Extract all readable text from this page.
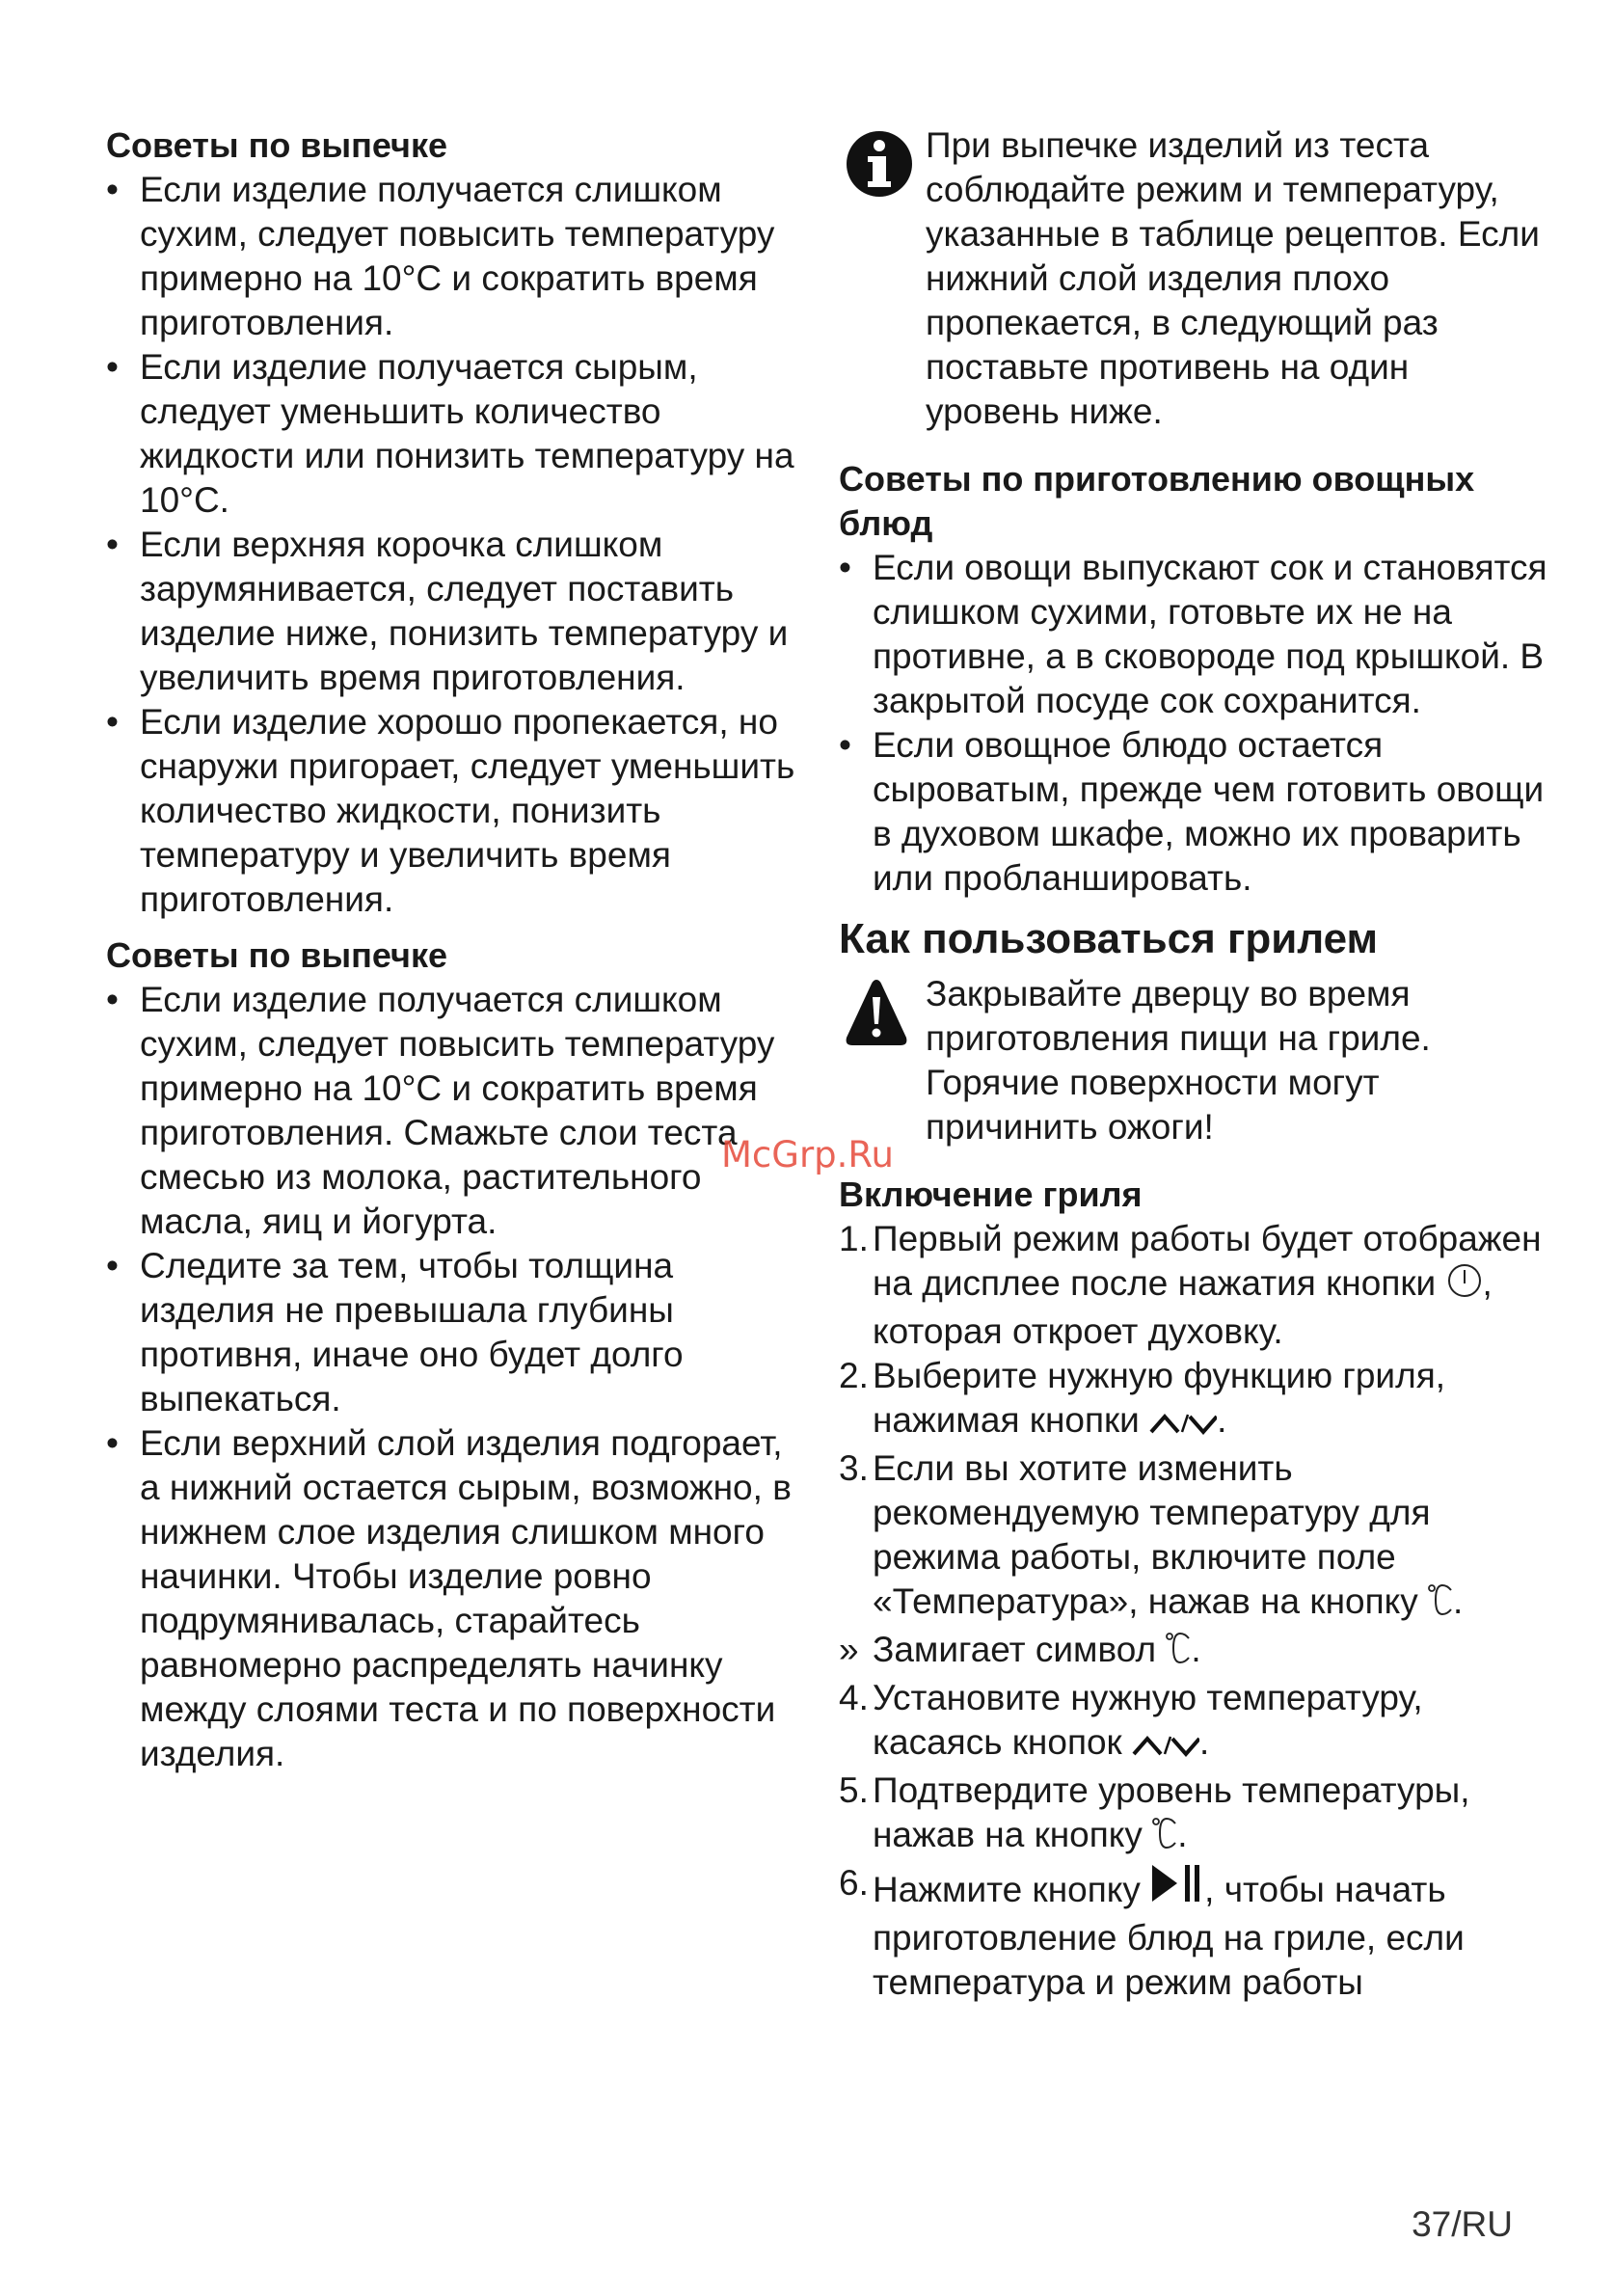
Советы по выпечке
• Если изделие получается слишком сухим, следует повысить температуру примерно на 10°C и сократить время приготовления.
• Если изделие получается сырым, следует уменьшить количество жидкости или понизить температуру на 10°C.
• Если верхняя корочка слишком зарумянивается, следует поставить изделие ниже, понизить температуру и увеличить время приготовления.
• Если изделие хорошо пропекается, но снаружи пригорает, следует уменьшить количество жидкости, понизить температуру и увеличить время приготовления.
Советы по выпечке
• Если изделие получается слишком сухим, следует повысить температуру примерно на 10°C и сократить время приготовления. Смажьте слои теста смесью из молока, растительного масла, яиц и йогурта.
• Следите за тем, чтобы толщина изделия не превышала глубины противня, иначе оно будет долго выпекаться.
• Если верхний слой изделия подгорает, а нижний остается сырым, возможно, в нижнем слое изделия слишком много начинки. Чтобы изделие ровно подрумянивалась, старайтесь равномерно распределять начинку между слоями теста и по поверхности изделия.
При выпечке изделий из теста соблюдайте режим и температуру, указанные в таблице рецептов. Если нижний слой изделия плохо пропекается, в следующий раз поставьте противень на один уровень ниже.
Советы по приготовлению овощных блюд
• Если овощи выпускают сок и становятся слишком сухими, готовьте их не на противне, а в сковороде под крышкой. В закрытой посуде сок сохранится.
• Если овощное блюдо остается сыроватым, прежде чем готовить овощи в духовом шкафе, можно их проварить или пробланшировать.
Как пользоваться грилем
Закрывайте дверцу во время приготовления пищи на гриле. Горячие поверхности могут причинить ожоги!
Включение гриля
1. Первый режим работы будет отображен на дисплее после нажатия кнопки , которая откроет духовку.
2. Выберите нужную функцию гриля, нажимая кнопки .
3. Если вы хотите изменить рекомендуемую температуру для режима работы, включите поле «Температура», нажав на кнопку .
» Замигает символ .
4. Установите нужную температуру, касаясь кнопок .
5. Подтвердите уровень температуры, нажав на кнопку .
6. Нажмите кнопку , чтобы начать приготовление блюд на гриле, если температура и режим работы
McGrp.Ru
37/RU
